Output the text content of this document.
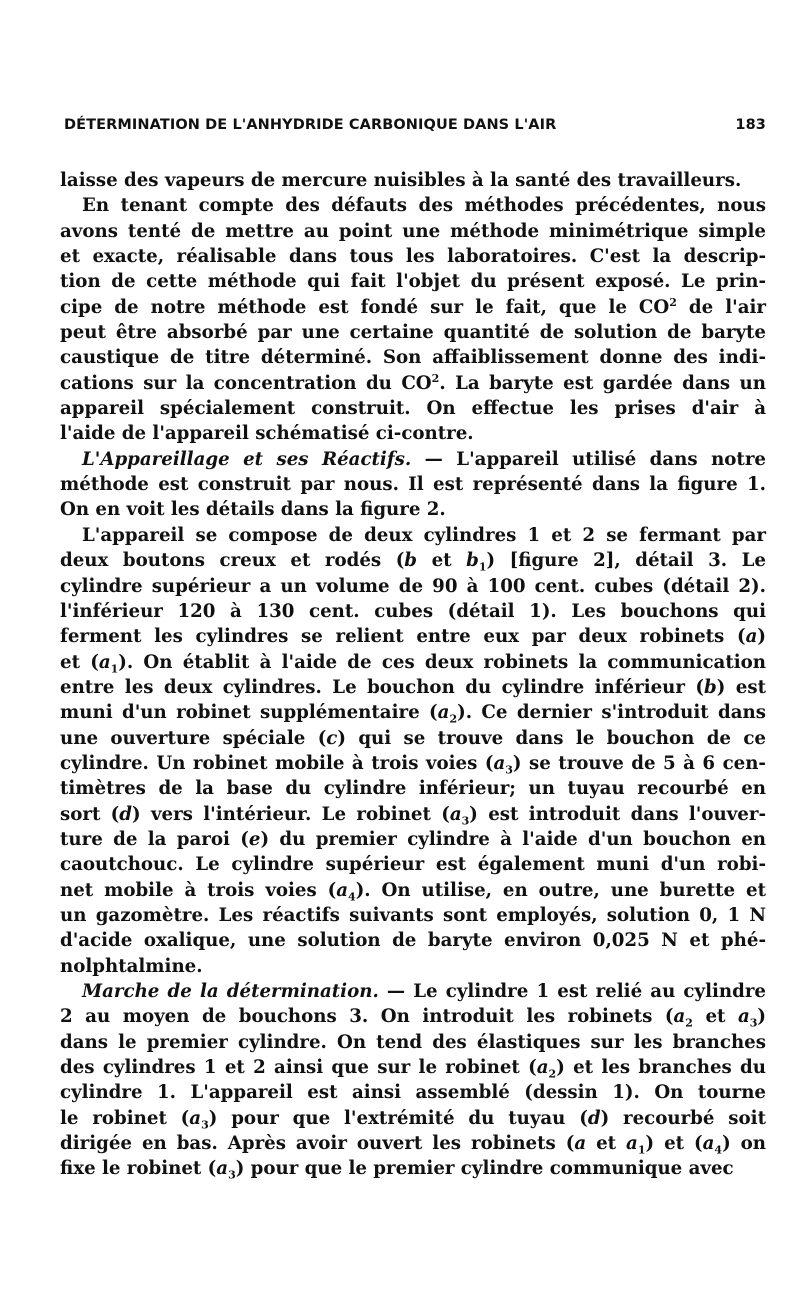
DÉTERMINATION DE L'ANHYDRIDE CARBONIQUE DANS L'AIR	183

laisse des vapeurs de mercure nuisibles à la santé des travailleurs.

En tenant compte des défauts des méthodes précédentes, nous

avons tenté de mettre au point une méthode minimétrique simple

et exacte, réalisable dans tous les laboratoires. C'est la descrip-

tion de cette méthode qui fait l'objet du présent exposé. Le prin-

cipe de notre méthode est fondé sur le fait, que le $CO^2$ de l'air

peut être absorbé par une certaine quantité de solution de baryte

caustique de titre déterminé. Son affaiblissement donne des indi-

cations sur la concentration du $CO^2$. La baryte est gardée dans un

appareil spécialement construit. On effectue les prises d'air à

l'aide de l'appareil schématisé ci-contre.

L'Appareillage et ses Réactifs. — L'appareil utilisé dans notre

méthode est construit par nous. Il est représenté dans la figure 1.

On en voit les détails dans la figure 2.

L'appareil se compose de deux cylindres 1 et 2 se fermant par

deux boutons creux et rodés (b et $b_1$) [figure 2], détail 3. Le

cylindre supérieur a un volume de 90 à 100 cent. cubes (détail 2).

l'inférieur 120 à 130 cent. cubes (détail 1). Les bouchons qui

ferment les cylindres se relient entre eux par deux robinets (a)

et $(a_1)$. On établit à l'aide de ces deux robinets la communication

entre les deux cylindres. Le bouchon du cylindre inférieur (b) est

muni d'un robinet supplémentaire $(a_2)$. Ce dernier s'introduit dans

une ouverture spéciale (c) qui se trouve dans le bouchon de ce

cylindre. Un robinet mobile à trois voies $(a_3)$ se trouve de 5 à 6 cen-

timètres de la base du cylindre inférieur; un tuyau recourbé en

sort (d) vers l'intérieur. Le robinet $(a_3)$ est introduit dans l'ouver-

ture de la paroi (e) du premier cylindre à l'aide d'un bouchon en

caoutchouc. Le cylindre supérieur est également muni d'un robi-

net mobile à trois voies $(a_4)$. On utilise, en outre, une burette et

un gazomètre. Les réactifs suivants sont employés, solution 0, 1 N

d'acide oxalique, une solution de baryte environ 0,025 N et phé-

nolphtalmine.

Marche de la détermination. — Le cylindre 1 est relié au cylindre

2 au moyen de bouchons 3. On introduit les robinets ($a_2$ et $a_3$)

dans le premier cylindre. On tend des élastiques sur les branches

des cylindres 1 et 2 ainsi que sur le robinet $(a_2)$ et les branches du

cylindre 1. L'appareil est ainsi assemblé (dessin 1). On tourne

le robinet $(a_3)$ pour que l'extrémité du tuyau (d) recourbé soit

dirigée en bas. Après avoir ouvert les robinets (a et $a_1$) et $(a_4)$ on

fixe le robinet $(a_3)$ pour que le premier cylindre communique avec
